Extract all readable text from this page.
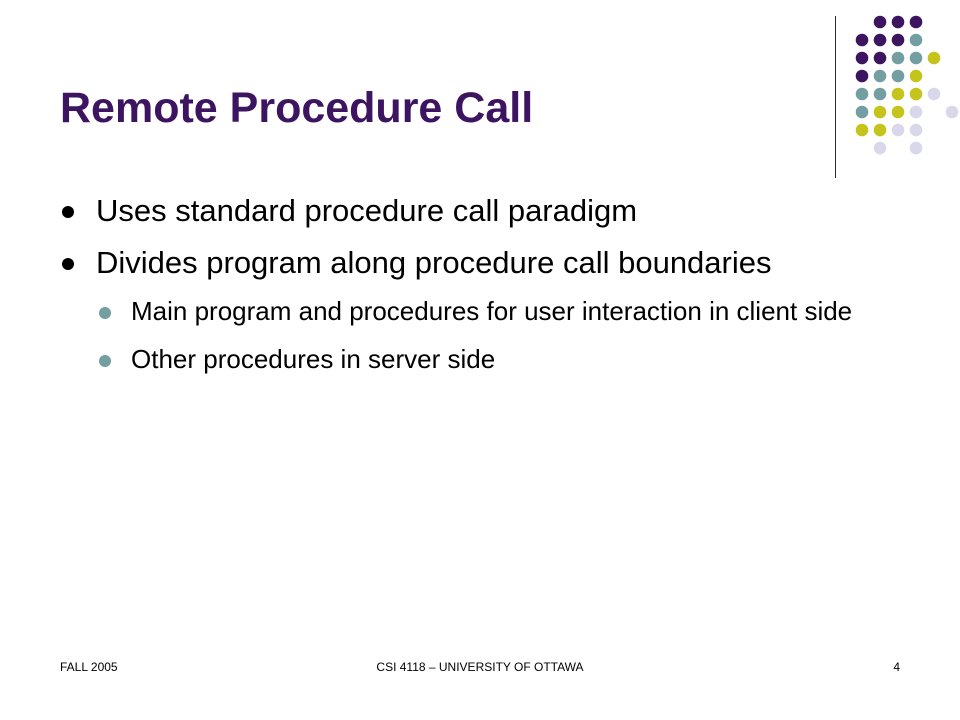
Remote Procedure Call
Uses standard procedure call paradigm
Divides program along procedure call boundaries
Main program and procedures for user interaction in client side
Other procedures in server side
FALL 2005	CSI 4118 – UNIVERSITY OF OTTAWA	4
